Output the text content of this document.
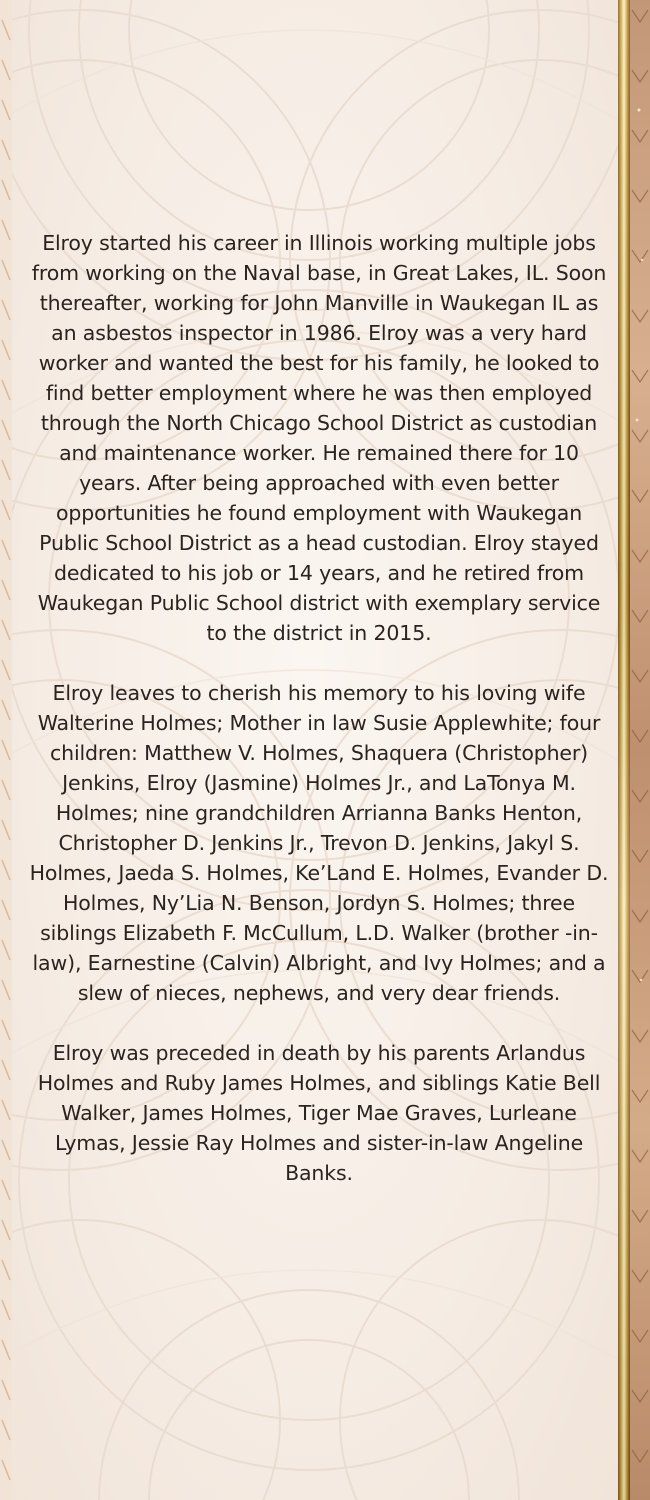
Elroy started his career in Illinois working multiple jobs from working on the Naval base, in Great Lakes, IL. Soon thereafter, working for John Manville in Waukegan IL as an asbestos inspector in 1986. Elroy was a very hard worker and wanted the best for his family, he looked to find better employment where he was then employed through the North Chicago School District as custodian and maintenance worker. He remained there for 10 years. After being approached with even better opportunities he found employment with Waukegan Public School District as a head custodian. Elroy stayed dedicated to his job or 14 years, and he retired from Waukegan Public School district with exemplary service to the district in 2015.

Elroy leaves to cherish his memory to his loving wife Walterine Holmes; Mother in law Susie Applewhite; four children: Matthew V. Holmes, Shaquera (Christopher) Jenkins, Elroy (Jasmine) Holmes Jr., and LaTonya M. Holmes; nine grandchildren Arrianna Banks Henton, Christopher D. Jenkins Jr., Trevon D. Jenkins, Jakyl S. Holmes, Jaeda S. Holmes, Ke’Land E. Holmes, Evander D. Holmes, Ny’Lia N. Benson, Jordyn S. Holmes; three siblings Elizabeth F. McCullum, L.D. Walker (brother -in-law), Earnestine (Calvin) Albright, and Ivy Holmes; and a slew of nieces, nephews, and very dear friends.

Elroy was preceded in death by his parents Arlandus Holmes and Ruby James Holmes, and siblings Katie Bell Walker, James Holmes, Tiger Mae Graves, Lurleane Lymas, Jessie Ray Holmes and sister-in-law Angeline Banks.
